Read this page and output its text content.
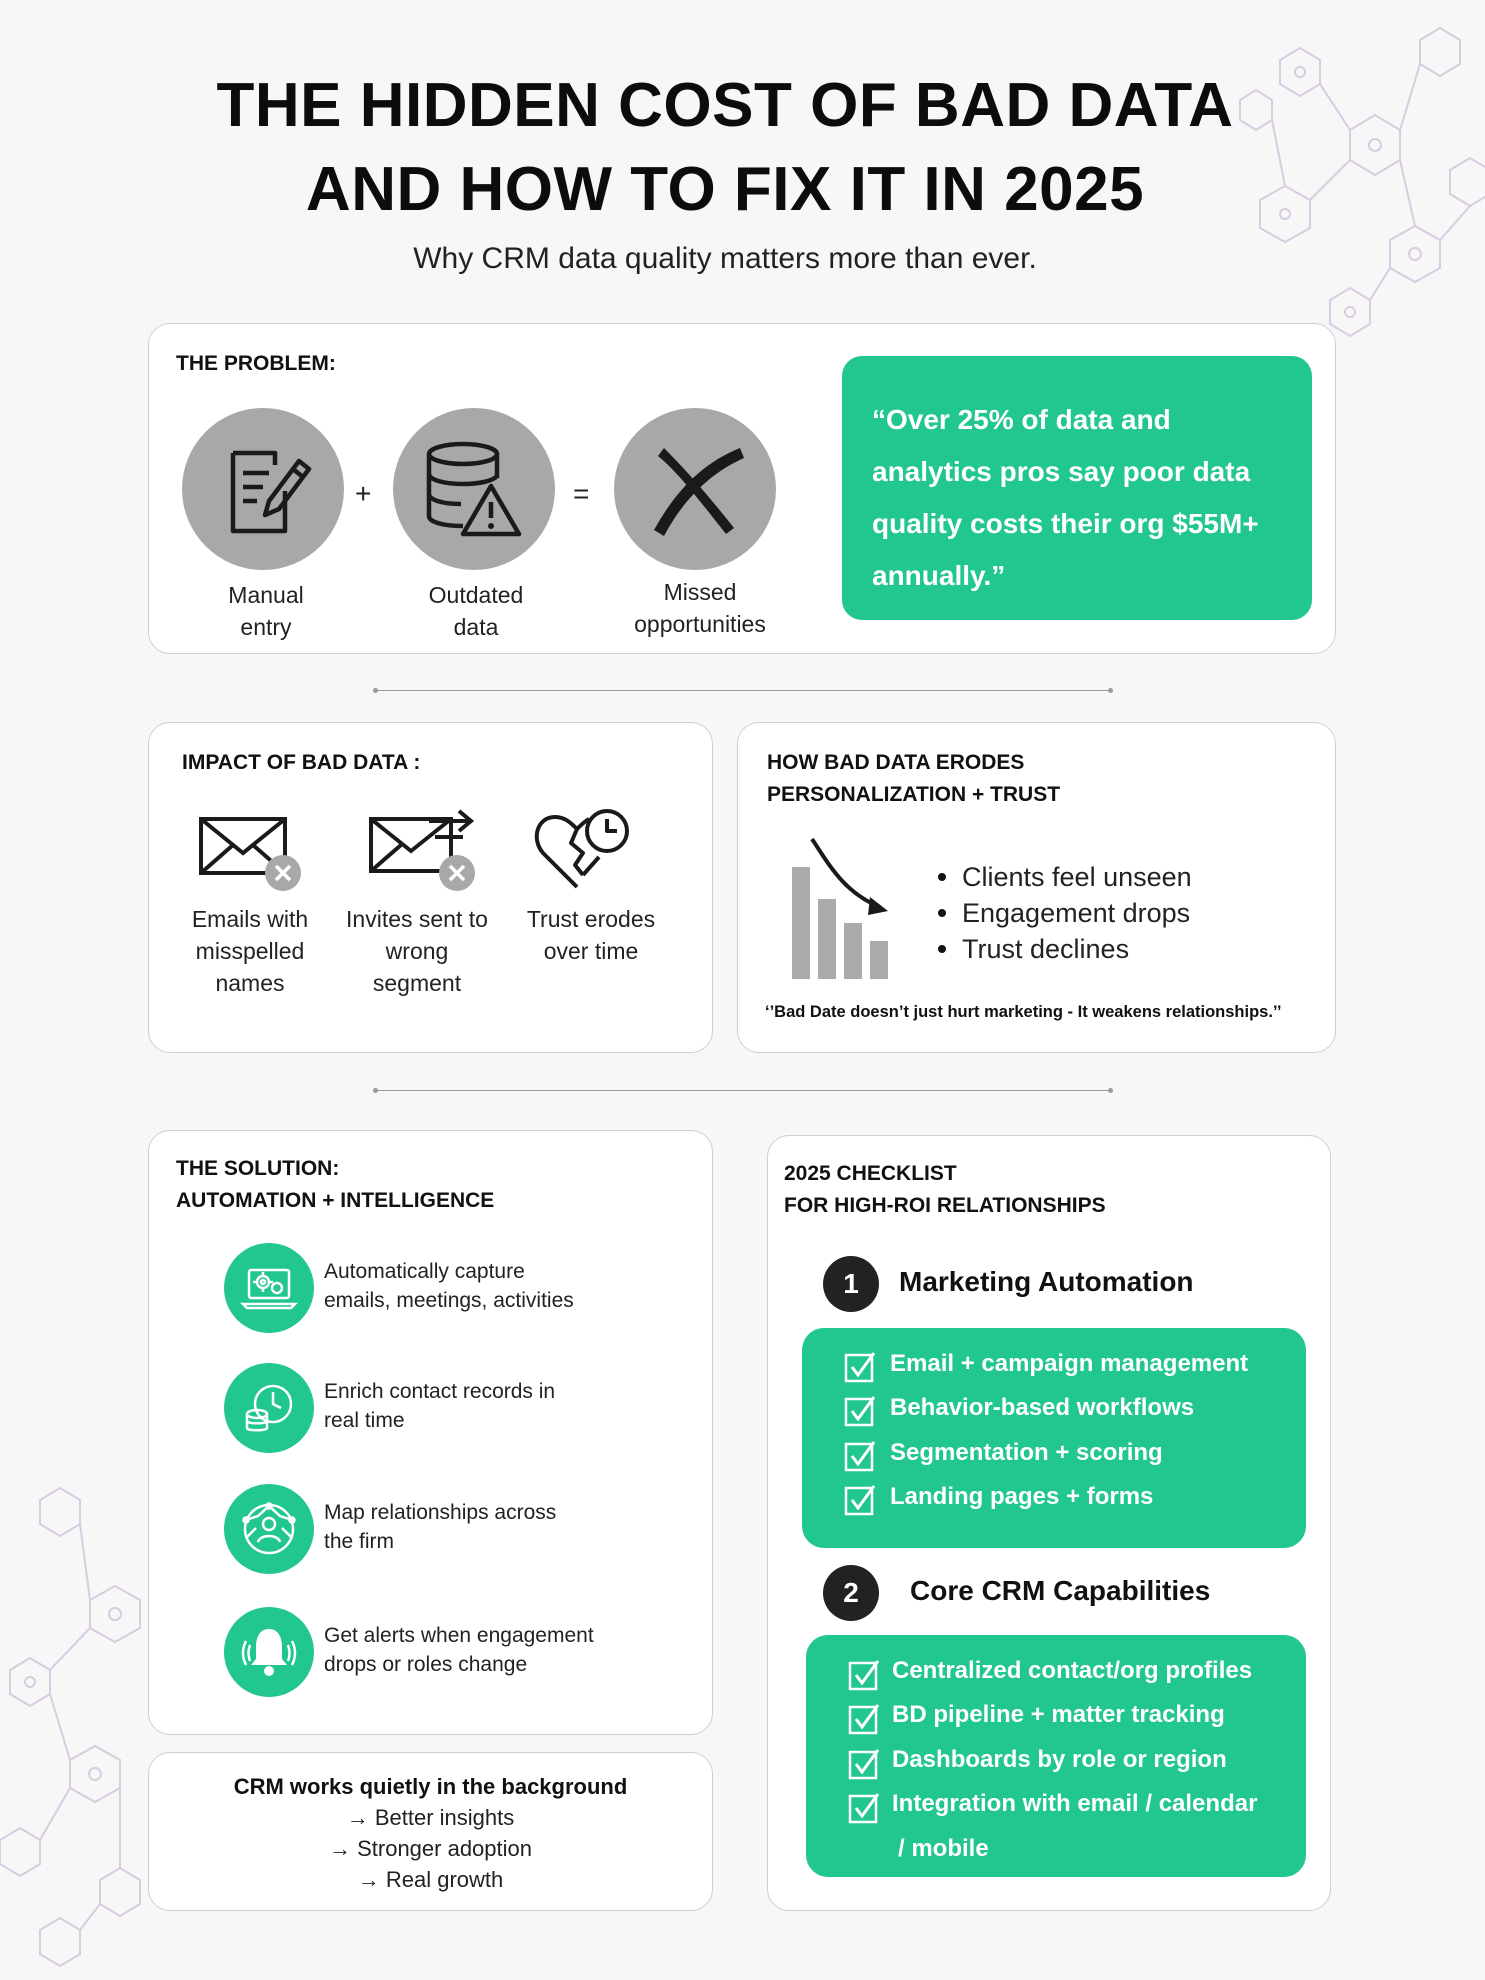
THE HIDDEN COST OF BAD DATA
AND HOW TO FIX IT IN 2025
Why CRM data quality matters more than ever.
THE PROBLEM:
+	=
Manual
entry
Outdated
data
Missed
opportunities
“Over 25% of data and analytics pros say poor data quality costs their org $55M+ annually.”
IMPACT OF BAD DATA :
Emails with
misspelled
names
Invites sent to
wrong
segment
Trust erodes
over time
HOW BAD DATA ERODES
PERSONALIZATION + TRUST
Clients feel unseen
Engagement drops
Trust declines
‘’Bad Date doesn’t just hurt marketing - It weakens relationships.’’
THE SOLUTION:
AUTOMATION + INTELLIGENCE
Automatically capture
emails, meetings, activities
Enrich contact records in
real time
Map relationships across
the firm
Get alerts when engagement
drops or roles change
CRM works quietly in the background
→ Better insights
→ Stronger adoption
→ Real growth
2025 CHECKLIST
FOR HIGH-ROI RELATIONSHIPS
1	Marketing Automation
Email + campaign management
Behavior-based workflows
Segmentation + scoring
Landing pages + forms
2	Core CRM Capabilities
Centralized contact/org profiles
BD pipeline + matter tracking
Dashboards by role or region
Integration with email / calendar
/ mobile
